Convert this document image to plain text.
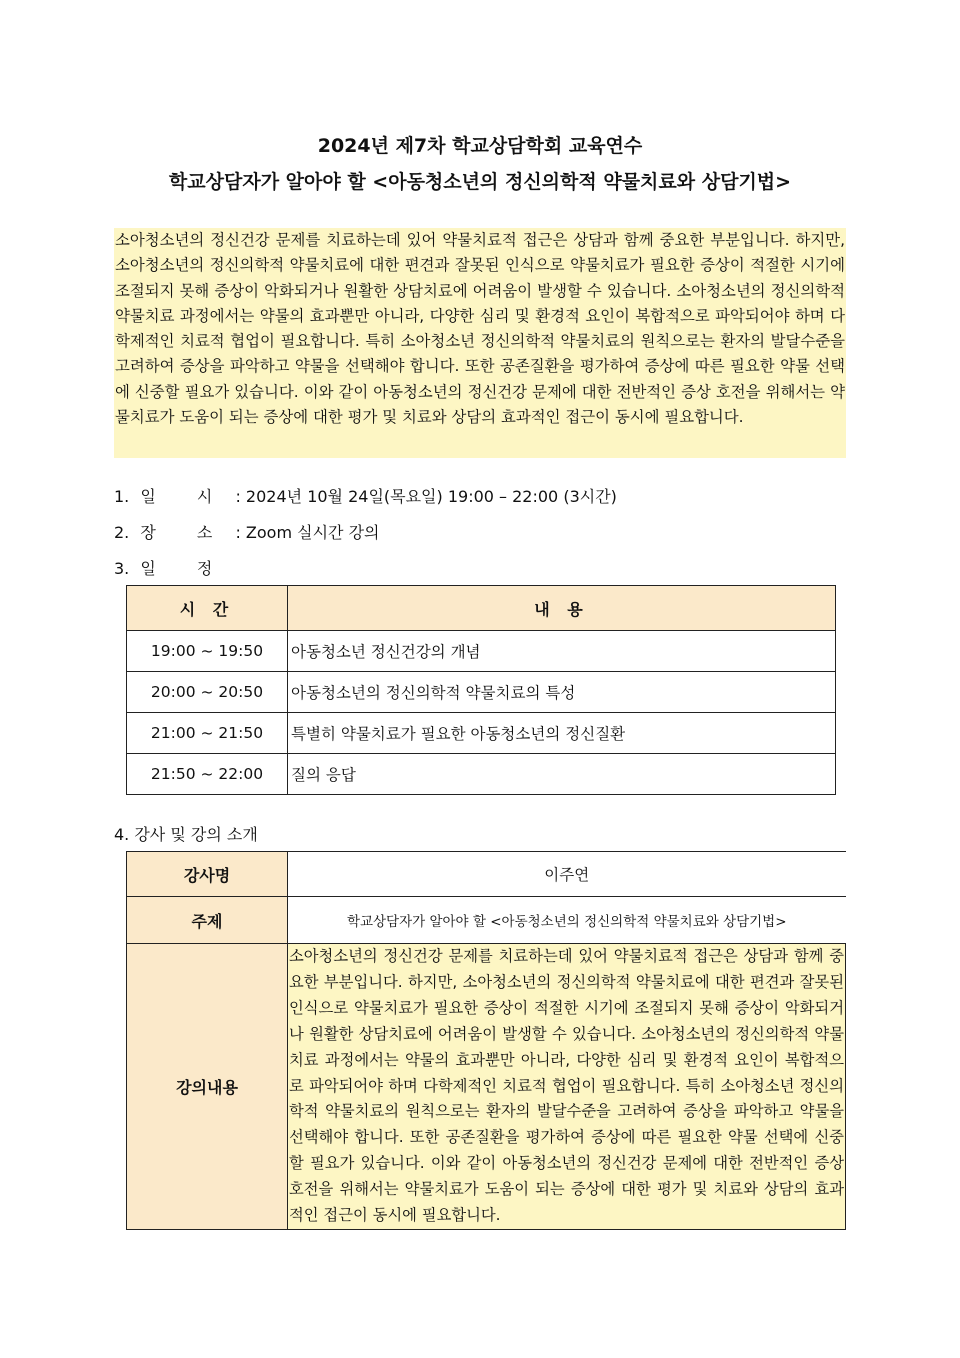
2024년 제7차 학교상담학회 교육연수
학교상담자가 알아야 할 <아동청소년의 정신의학적 약물치료와 상담기법>
소아청소년의 정신건강 문제를 치료하는데 있어 약물치료적 접근은 상담과 함께 중요한 부분입니다. 하지만, 소아청소년의 정신의학적 약물치료에 대한 편견과 잘못된 인식으로 약물치료가 필요한 증상이 적절한 시기에 조절되지 못해 증상이 악화되거나 원활한 상담치료에 어려움이 발생할 수 있습니다. 소아청소년의 정신의학적 약물치료 과정에서는 약물의 효과뿐만 아니라, 다양한 심리 및 환경적 요인이 복합적으로 파악되어야 하며 다학제적인 치료적 협업이 필요합니다. 특히 소아청소년 정신의학적 약물치료의 원칙으로는 환자의 발달수준을 고려하여 증상을 파악하고 약물을 선택해야 합니다. 또한 공존질환을 평가하여 증상에 따른 필요한 약물 선택에 신중할 필요가 있습니다. 이와 같이 아동청소년의 정신건강 문제에 대한 전반적인 증상 호전을 위해서는 약물치료가 도움이 되는 증상에 대한 평가 및 치료와 상담의 효과적인 접근이 동시에 필요합니다.
1. 일 시 : 2024년 10월 24일(목요일) 19:00 – 22:00 (3시간)
2. 장 소 : Zoom 실시간 강의
3. 일 정
시 간	내 용
19:00 ~ 19:50	아동청소년 정신건강의 개념
20:00 ~ 20:50	아동청소년의 정신의학적 약물치료의 특성
21:00 ~ 21:50	특별히 약물치료가 필요한 아동청소년의 정신질환
21:50 ~ 22:00	질의 응답
4. 강사 및 강의 소개
강사명	이주연
주제	학교상담자가 알아야 할 <아동청소년의 정신의학적 약물치료와 상담기법>
강의내용	소아청소년의 정신건강 문제를 치료하는데 있어 약물치료적 접근은 상담과 함께 중요한 부분입니다. 하지만, 소아청소년의 정신의학적 약물치료에 대한 편견과 잘못된 인식으로 약물치료가 필요한 증상이 적절한 시기에 조절되지 못해 증상이 악화되거나 원활한 상담치료에 어려움이 발생할 수 있습니다. 소아청소년의 정신의학적 약물치료 과정에서는 약물의 효과뿐만 아니라, 다양한 심리 및 환경적 요인이 복합적으로 파악되어야 하며 다학제적인 치료적 협업이 필요합니다. 특히 소아청소년 정신의학적 약물치료의 원칙으로는 환자의 발달수준을 고려하여 증상을 파악하고 약물을 선택해야 합니다. 또한 공존질환을 평가하여 증상에 따른 필요한 약물 선택에 신중할 필요가 있습니다. 이와 같이 아동청소년의 정신건강 문제에 대한 전반적인 증상 호전을 위해서는 약물치료가 도움이 되는 증상에 대한 평가 및 치료와 상담의 효과적인 접근이 동시에 필요합니다.
